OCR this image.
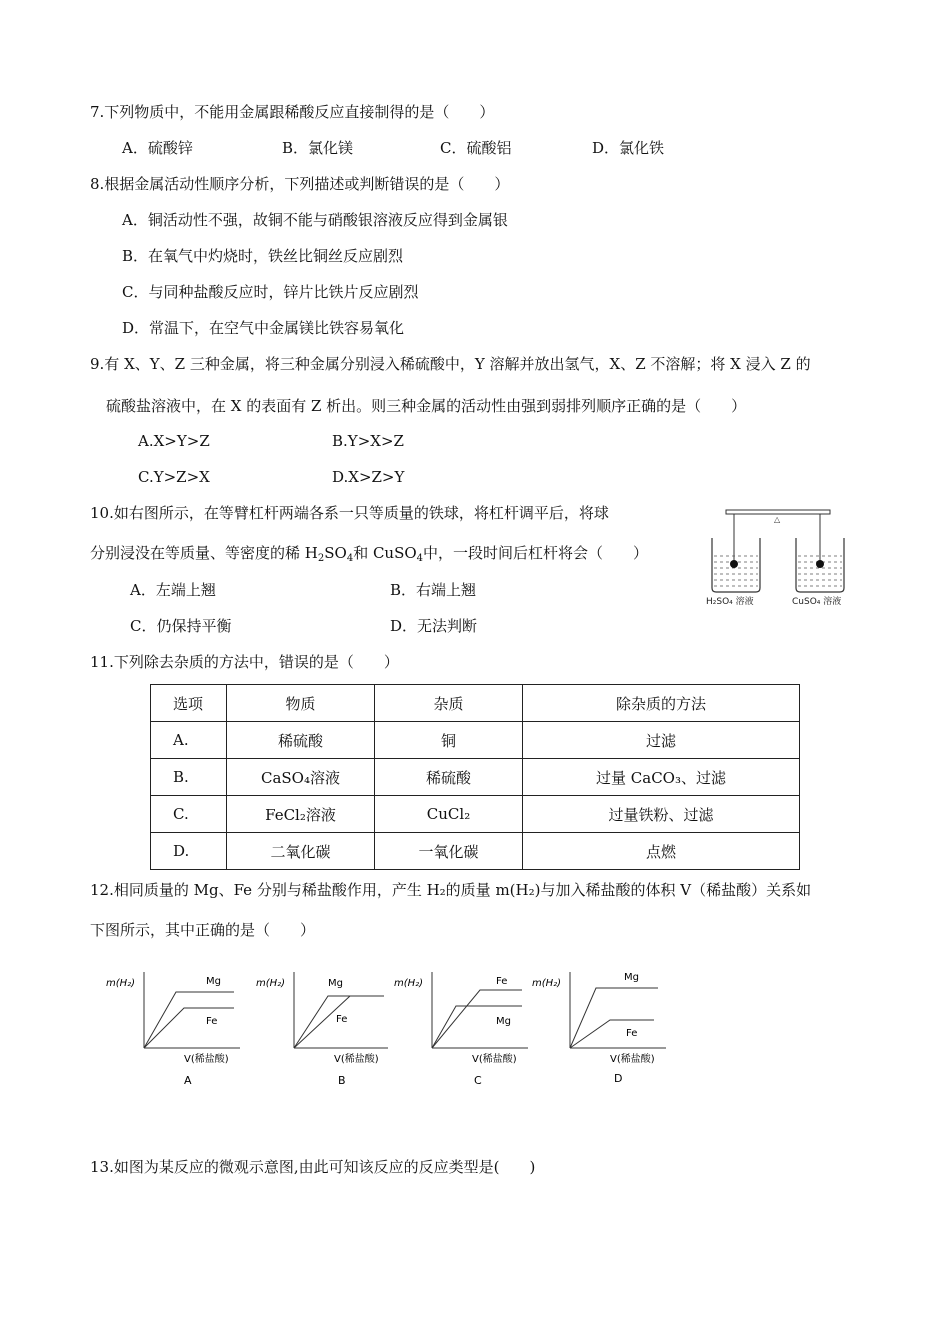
7.下列物质中，不能用金属跟稀酸反应直接制得的是（　　）
A．硫酸锌	B．氯化镁	C．硫酸铝	D．氯化铁
8.根据金属活动性顺序分析，下列描述或判断错误的是（　　）
A．铜活动性不强，故铜不能与硝酸银溶液反应得到金属银
B．在氧气中灼烧时，铁丝比铜丝反应剧烈
C．与同种盐酸反应时，锌片比铁片反应剧烈
D．常温下，在空气中金属镁比铁容易氧化
9.有 X、Y、Z 三种金属，将三种金属分别浸入稀硫酸中，Y 溶解并放出氢气，X、Z 不溶解；将 X 浸入 Z 的
硫酸盐溶液中，在 X 的表面有 Z 析出。则三种金属的活动性由强到弱排列顺序正确的是（　　）
A.X>Y>Z	B.Y>X>Z
C.Y>Z>X	D.X>Z>Y
10.如右图所示，在等臂杠杆两端各系一只等质量的铁球，将杠杆调平后，将球
分别浸没在等质量、等密度的稀 $H_2SO_4$和 CuSO$_4$中，一段时间后杠杆将会（　　）
A．左端上翘	B．右端上翘
C．仍保持平衡	D．无法判断
△
H₂SO₄ 溶液	CuSO₄ 溶液
11.下列除去杂质的方法中，错误的是（　　）
选项	物质	杂质	除杂质的方法
A.	稀硫酸	铜	过滤
B.	CaSO₄溶液	稀硫酸	过量 CaCO₃、过滤
C.	FeCl₂溶液	CuCl₂	过量铁粉、过滤
D.	二氧化碳	一氧化碳	点燃
12.相同质量的 Mg、Fe 分别与稀盐酸作用，产生 H₂的质量 m(H₂)与加入稀盐酸的体积 V（稀盐酸）关系如
下图所示，其中正确的是（　　）
m(H₂)	Mg
Fe
V(稀盐酸)
A
m(H₂)	Mg
Fe
V(稀盐酸)
B
m(H₂)	Fe
Mg
V(稀盐酸)
C
m(H₂)
Mg
Fe
V(稀盐酸)
D
13.如图为某反应的微观示意图,由此可知该反应的反应类型是(　　)
